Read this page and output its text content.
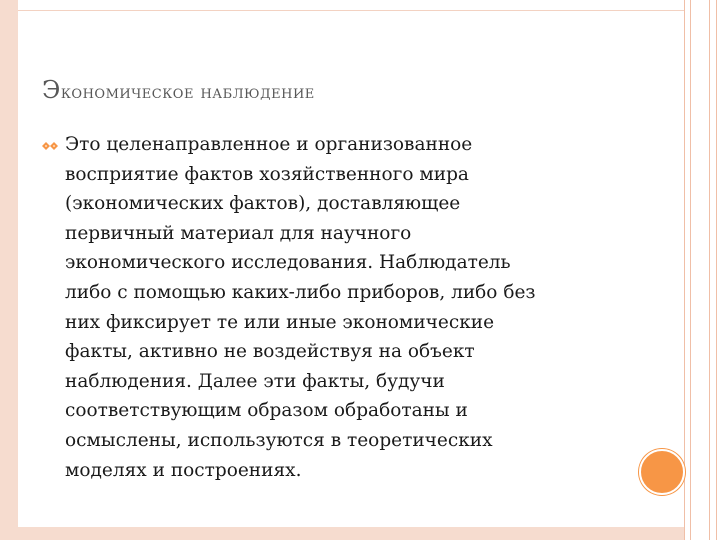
Экономическое наблюдение

Это целенаправленное и организованное
восприятие фактов хозяйственного мира
(экономических фактов), доставляющее
первичный материал для научного
экономического исследования. Наблюдатель
либо с помощью каких-либо приборов, либо без
них фиксирует те или иные экономические
факты, активно не воздействуя на объект
наблюдения. Далее эти факты, будучи
соответствующим образом обработаны и
осмыслены, используются в теоретических
моделях и построениях.
